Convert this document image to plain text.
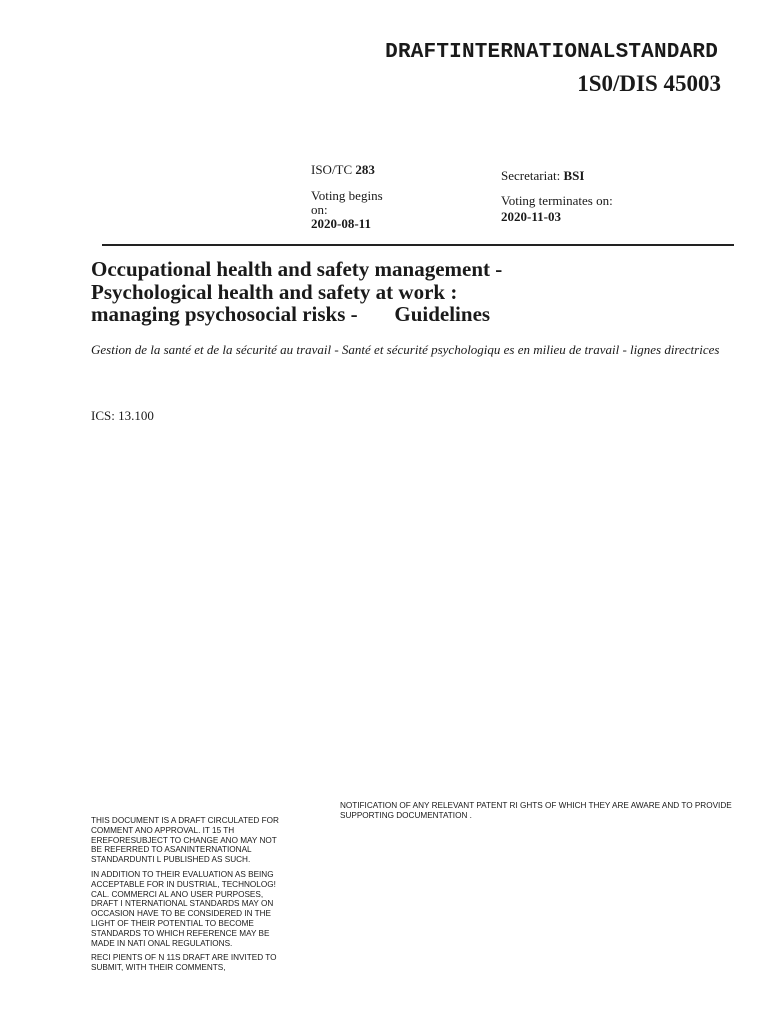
DRAFTINTERNATIONALSTANDARD
1S0/DIS 45003
ISO/TC 283
Voting begins
on:
2020-08-11
Secretariat: BSI
Voting terminates on:
2020-11-03
Occupational health and safety management -
Psychological health and safety at work :
managing psychosocial risks -       Guidelines
Gestion de la santé et de la sécurité au travail - Santé et sécurité psychologiqu es en milieu de travail - lignes directrices
ICS: 13.100

THIS DOCUMENT IS A DRAFT CIRCULATED FOR COMMENT ANO APPROVAL. IT 15 TH EREFORESUBJECT TO CHANGE ANO MAY NOT BE REFERRED TO ASANINTERNATIONAL STANDARDUNTI L PUBLISHED AS SUCH.

IN ADDITION TO THEIR EVALUATION AS BEING ACCEPTABLE FOR IN DUSTRIAL, TECHNOLOG! CAL. COMMERCI AL ANO USER PURPOSES, DRAFT I NTERNATIONAL STANDARDS MAY ON OCCASION HAVE TO BE CONSIDERED IN THE LIGHT OF THEIR POTENTIAL TO BECOME STANDARDS TO WHICH REFERENCE MAY BE MADE IN NATI ONAL REGULATIONS.

RECI PIENTS OF N 11S DRAFT ARE INVITED TO SUBMIT, WITH THEIR COMMENTS,

NOTIFICATION OF ANY RELEVANT PATENT RI GHTS OF WHICH THEY ARE AWARE AND TO PROVIDE SUPPORTING DOCUMENTATION .
